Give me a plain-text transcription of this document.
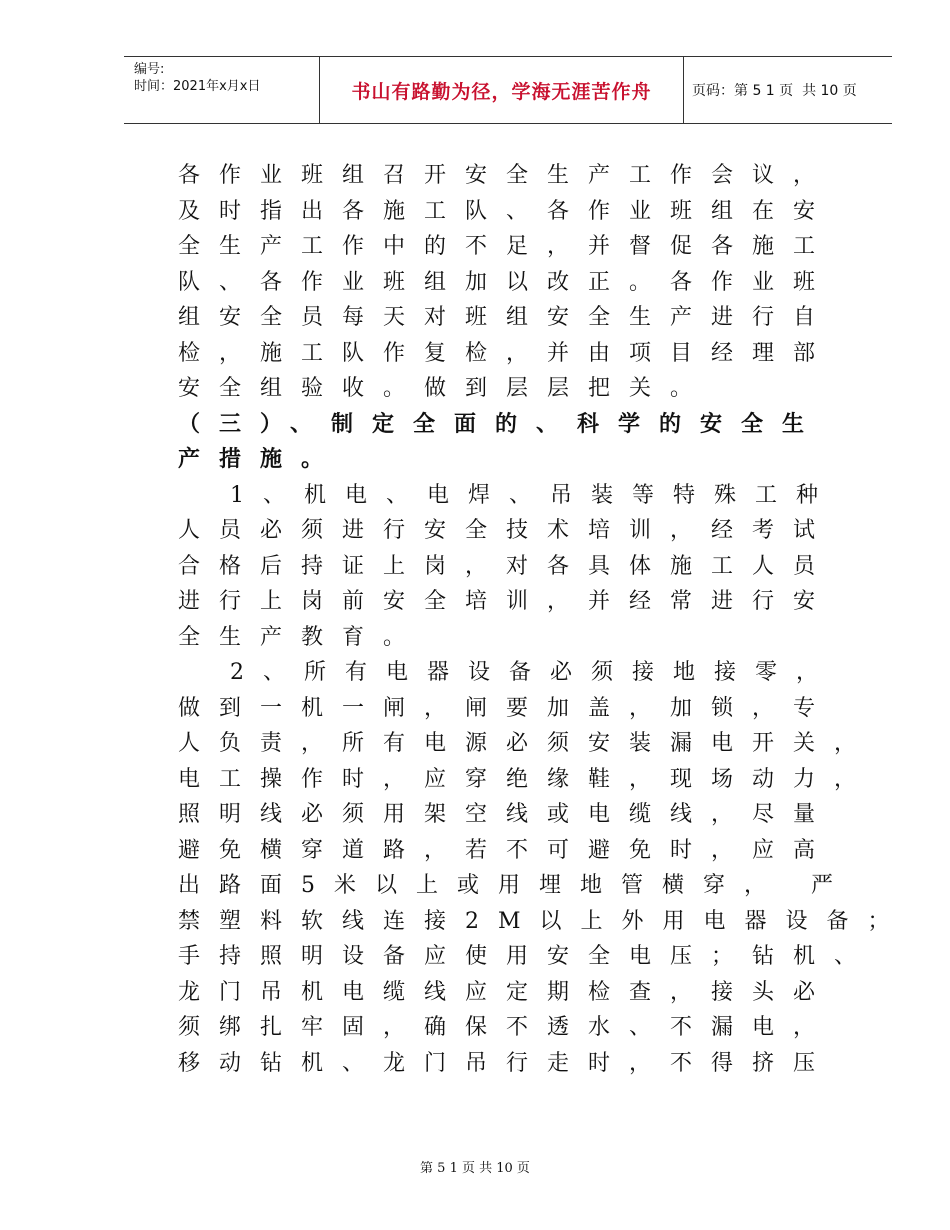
编号:
时间：2021年x月x日	书山有路勤为径，学海无涯苦作舟	页码：第 5 1 页  共 10 页
各作业班组召开安全生产工作会议，
及时指出各施工队、各作业班组在安
全生产工作中的不足，并督促各施工
队、各作业班组加以改正。各作业班
组安全员每天对班组安全生产进行自
检，施工队作复检，并由项目经理部
安全组验收。做到层层把关。
（三）、制定全面的、科学的安全生
产措施。
1、机电、电焊、吊装等特殊工种
人员必须进行安全技术培训，经考试
合格后持证上岗，对各具体施工人员
进行上岗前安全培训，并经常进行安
全生产教育。
2、所有电器设备必须接地接零，
做到一机一闸，闸要加盖，加锁，专
人负责，所有电源必须安装漏电开关，
电工操作时，应穿绝缘鞋，现场动力，
照明线必须用架空线或电缆线，尽量
避免横穿道路，若不可避免时，应高
出路面5米以上或用埋地管横穿， 严
禁塑料软线连接2M以上外用电器设备；
手持照明设备应使用安全电压；钻机、
龙门吊机电缆线应定期检查，接头必
须绑扎牢固，确保不透水、不漏电，
移动钻机、龙门吊行走时，不得挤压
第 5 1 页 共 10 页
